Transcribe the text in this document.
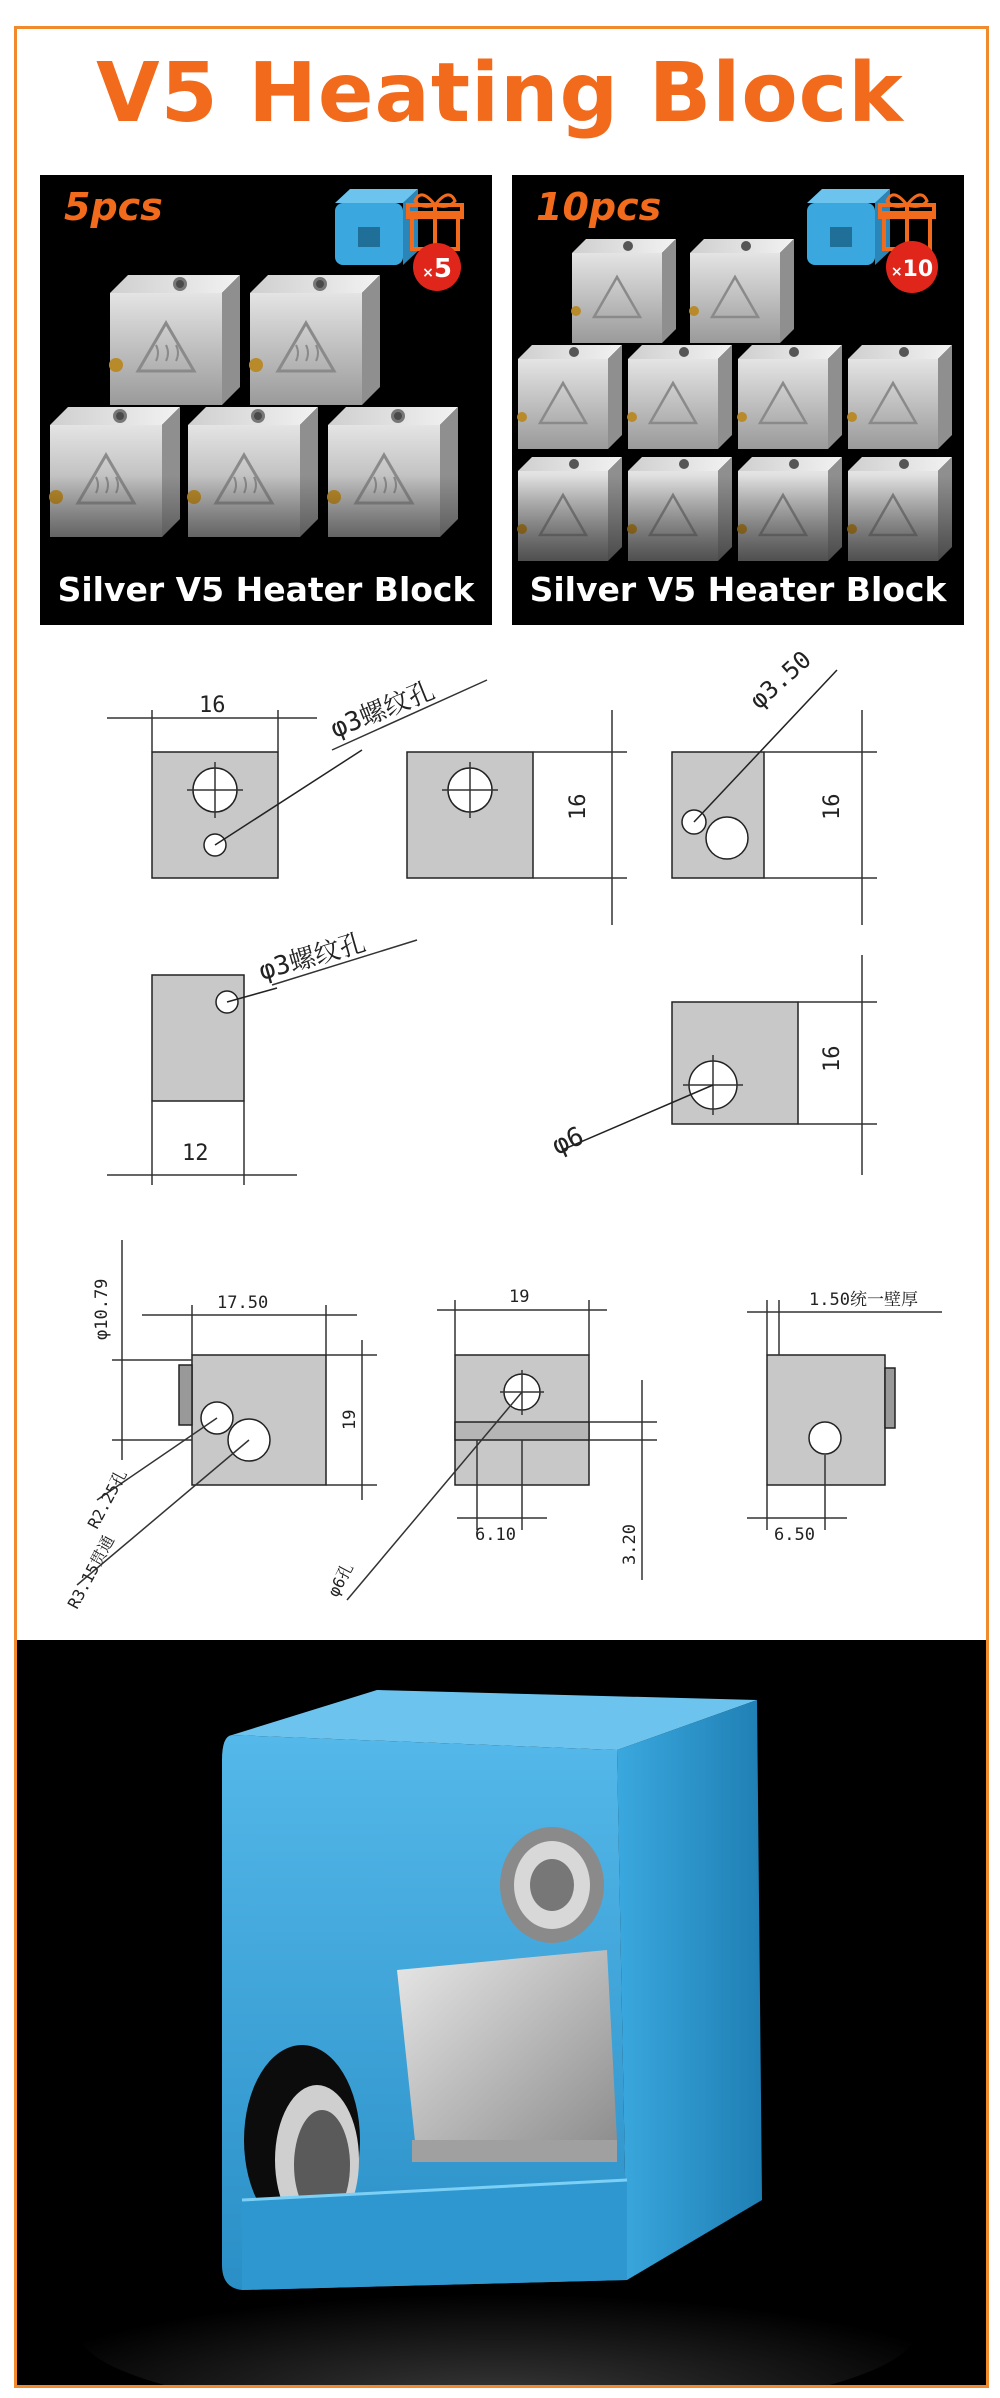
V5 Heating Block
×5
5pcs
Silver V5 Heater Block
×10
10pcs
Silver V5 Heater Block
16	φ3螺纹孔
16
φ3.50
16
φ3螺纹孔
12
16
φ6
φ10.79	17.50
19
R2.25孔
R3.15贯通
19
φ6孔
6.10	3.20
1.50统一壁厚
6.50
